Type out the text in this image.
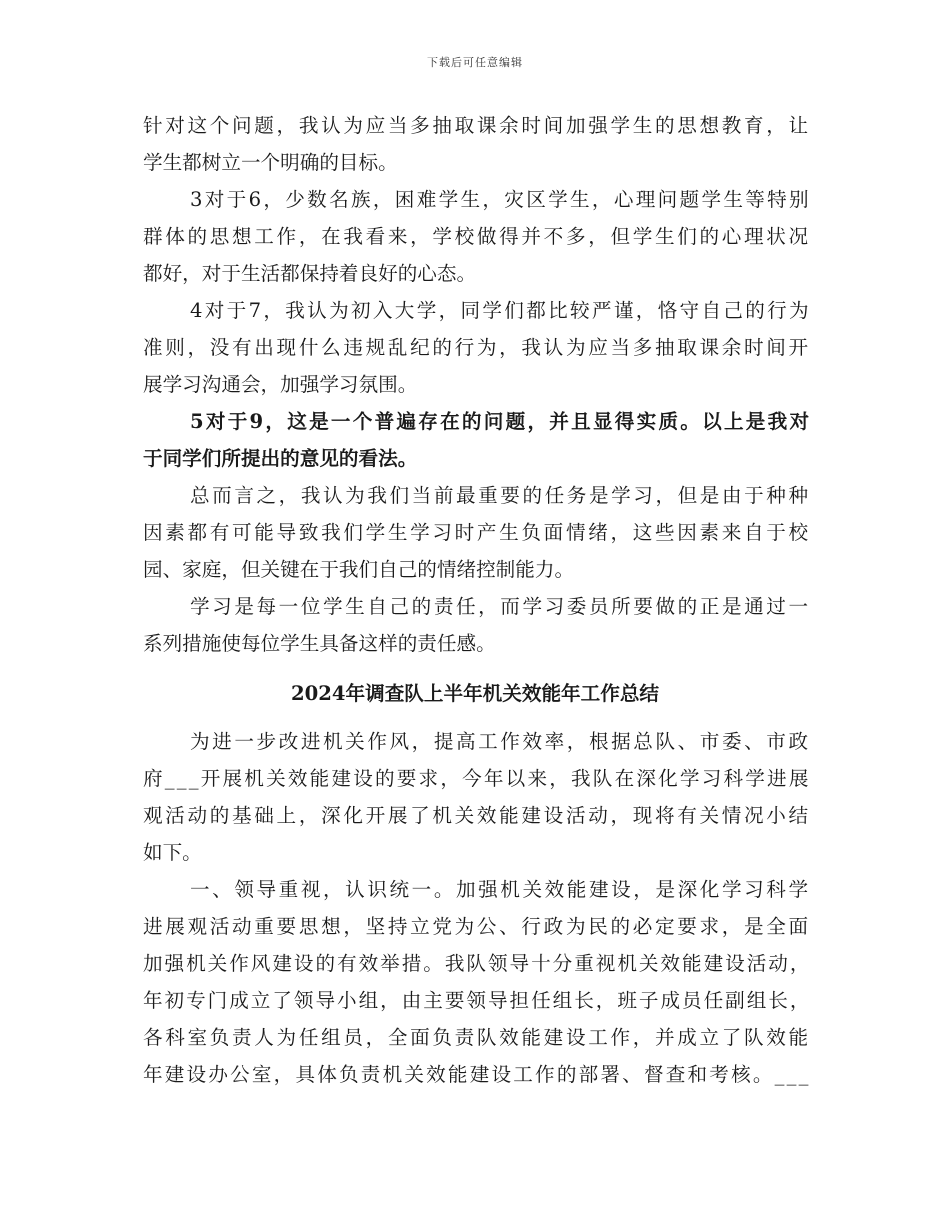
下载后可任意编辑
针对这个问题，我认为应当多抽取课余时间加强学生的思想教育，让
学生都树立一个明确的目标。
3对于6，少数名族，困难学生，灾区学生，心理问题学生等特别
群体的思想工作，在我看来，学校做得并不多，但学生们的心理状况
都好，对于生活都保持着良好的心态。
4对于7，我认为初入大学，同学们都比较严谨，恪守自己的行为
准则，没有出现什么违规乱纪的行为，我认为应当多抽取课余时间开
展学习沟通会，加强学习氛围。
5对于9，这是一个普遍存在的问题，并且显得实质。以上是我对
于同学们所提出的意见的看法。
总而言之，我认为我们当前最重要的任务是学习，但是由于种种
因素都有可能导致我们学生学习时产生负面情绪，这些因素来自于校
园、家庭，但关键在于我们自己的情绪控制能力。
学习是每一位学生自己的责任，而学习委员所要做的正是通过一
系列措施使每位学生具备这样的责任感。
2024年调查队上半年机关效能年工作总结
为进一步改进机关作风，提高工作效率，根据总队、市委、市政
府___开展机关效能建设的要求，今年以来，我队在深化学习科学进展
观活动的基础上，深化开展了机关效能建设活动，现将有关情况小结
如下。
一、领导重视，认识统一。加强机关效能建设，是深化学习科学
进展观活动重要思想，坚持立党为公、行政为民的必定要求，是全面
加强机关作风建设的有效举措。我队领导十分重视机关效能建设活动，
年初专门成立了领导小组，由主要领导担任组长，班子成员任副组长，
各科室负责人为任组员，全面负责队效能建设工作，并成立了队效能
年建设办公室，具体负责机关效能建设工作的部署、督查和考核。___
